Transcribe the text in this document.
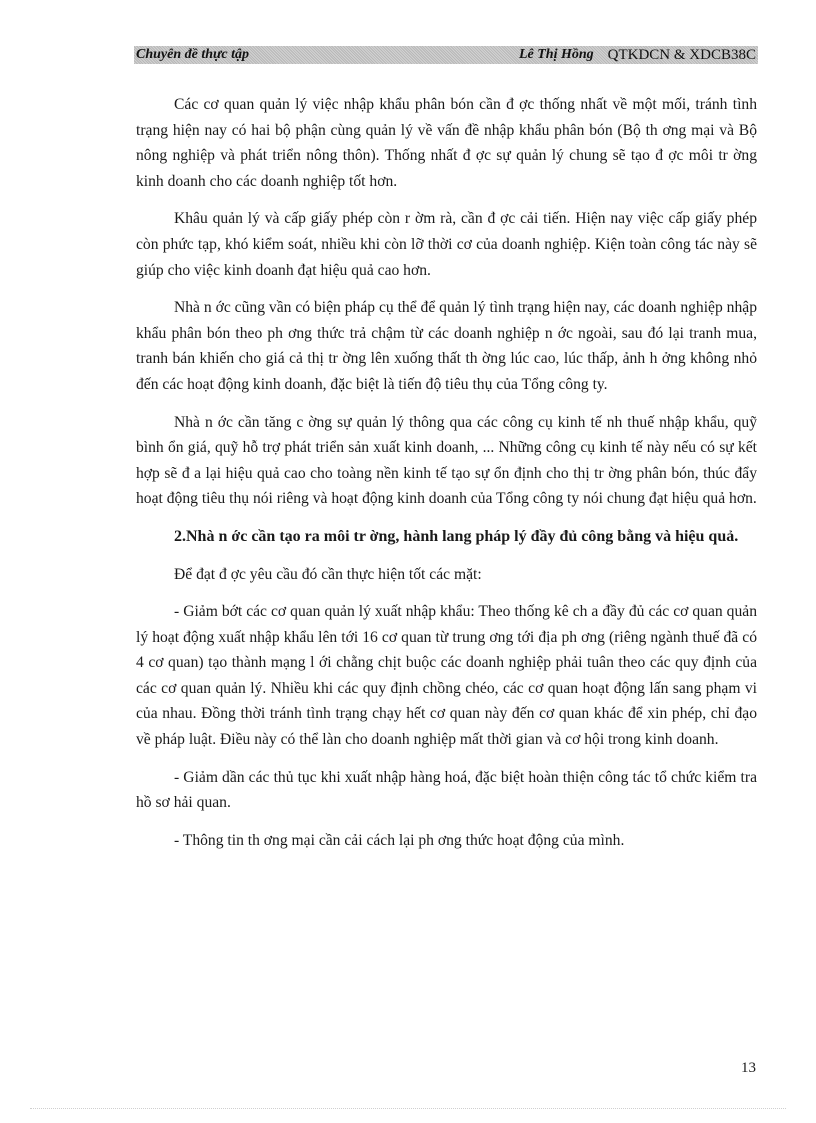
Chuyên đề thực tập	Lê Thị Hồng QTKDCN & XDCB38C

Các cơ quan quản lý việc nhập khẩu phân bón cần đ ợc thống nhất về một mối, tránh tình trạng hiện nay có hai bộ phận cùng quản lý về vấn đề nhập khẩu phân bón (Bộ th ơng mại và Bộ nông nghiệp và phát triển nông thôn). Thống nhất đ ợc sự quản lý chung sẽ tạo đ ợc môi tr ờng kinh doanh cho các doanh nghiệp tốt hơn.

Khâu quản lý và cấp giấy phép còn r ờm rà, cần đ ợc cải tiến. Hiện nay việc cấp giấy phép còn phức tạp, khó kiểm soát, nhiều khi còn lỡ thời cơ của doanh nghiệp. Kiện toàn công tác này sẽ giúp cho việc kinh doanh đạt hiệu quả cao hơn.

Nhà n ớc cũng vần có biện pháp cụ thể để quản lý tình trạng hiện nay, các doanh nghiệp nhập khẩu phân bón theo ph ơng thức trả chậm từ các doanh nghiệp n ớc ngoài, sau đó lại tranh mua, tranh bán khiến cho giá cả thị tr ờng lên xuống thất th ờng lúc cao, lúc thấp, ảnh h ởng không nhỏ đến các hoạt động kinh doanh, đặc biệt là tiến độ tiêu thụ của Tổng công ty.

Nhà n ớc cần tăng c ờng sự quản lý thông qua các công cụ kinh tế nh thuế nhập khẩu, quỹ bình ổn giá, quỹ hỗ trợ phát triển sản xuất kinh doanh, ... Những công cụ kinh tế này nếu có sự kết hợp sẽ đ a lại hiệu quả cao cho toàng nền kinh tế tạo sự ổn định cho thị tr ờng phân bón, thúc đẩy hoạt động tiêu thụ nói riêng và hoạt động kinh doanh của Tổng công ty nói chung đạt hiệu quả hơn.

2.Nhà n ớc cần tạo ra môi tr ờng, hành lang pháp lý đầy đủ công bằng và hiệu quả.

Để đạt đ ợc yêu cầu đó cần thực hiện tốt các mặt:

- Giảm bớt các cơ quan quản lý xuất nhập khẩu: Theo thống kê ch a đầy đủ các cơ quan quản lý hoạt động xuất nhập khẩu lên tới 16 cơ quan từ trung ơng tới địa ph ơng (riêng ngành thuế đã có 4 cơ quan) tạo thành mạng l ới chằng chịt buộc các doanh nghiệp phải tuân theo các quy định của các cơ quan quản lý. Nhiều khi các quy định chồng chéo, các cơ quan hoạt động lấn sang phạm vi của nhau. Đồng thời tránh tình trạng chạy hết cơ quan này đến cơ quan khác để xin phép, chỉ đạo về pháp luật. Điều này có thể làn cho doanh nghiệp mất thời gian và cơ hội trong kinh doanh.

- Giảm dần các thủ tục khi xuất nhập hàng hoá, đặc biệt hoàn thiện công tác tổ chức kiểm tra hồ sơ hải quan.

- Thông tin th ơng mại cần cải cách lại ph ơng thức hoạt động của mình.

13
